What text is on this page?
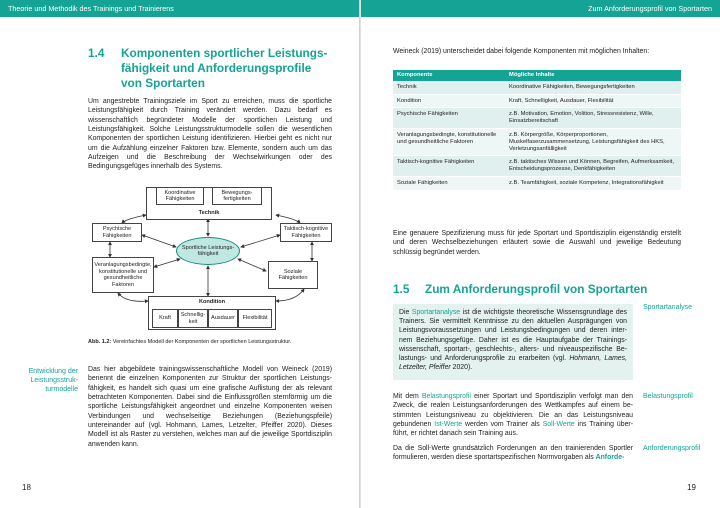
Theorie und Methodik des Trainings und Trainierens
1.4 Komponenten sportlicher Leistungsfähigkeit und Anforderungsprofile von Sportarten
Um angestrebte Trainingsziele im Sport zu erreichen, muss die sportliche Leistungsfähigkeit durch Training verändert werden. Dazu bedarf es wissenschaftlich begründeter Modelle der sportlichen Leistung und Leistungsfähigkeit. Solche Leistungsstrukturmodelle sollen die wesentlichen Komponenten der sportlichen Leistung identifizieren. Hierbei geht es nicht nur um die Aufzählung einzelner Faktoren bzw. Elemente, sondern auch um das Aufzeigen und die Beschreibung der Wechselwirkungen oder des Bedingungsgefüges innerhalb des Systems.
Koordinative Fähigkeiten
Bewegungsfertigkeiten
Technik
Psychische Fähigkeiten
Taktisch-kognitive Fähigkeiten
Sportliche Leistungsfähigkeit
Veranlagungsbedingte, konstitutionelle und gesundheitliche Faktoren
Soziale Fähigkeiten
Kondition
Kraft
Schnelligkeit
Ausdauer	Flexibilität
Abb. 1.2: Vereinfachtes Modell der Komponenten der sportlichen Leistungsstruktur.
Entwicklung der Leistungsstrukturmodelle
Das hier abgebildete trainingswissenschaftliche Modell von Weineck (2019) benennt die einzelnen Komponenten zur Struktur der sportlichen Leistungsfähigkeit, es handelt sich quasi um eine grafische Auflistung der als relevant betrachteten Komponenten. Dabei sind die Einflussgrößen sternförmig um die sportliche Leistungsfähigkeit angeordnet und einzelne Komponenten weisen Verbindungen und wechselseitige Beziehungen (Beziehungspfeile) untereinander auf (vgl. Hohmann, Lames, Letzelter, Pfeiffer 2020). Dieses Modell ist als Raster zu verstehen, welches man auf die jeweilige Sportdisziplin anwenden kann.
18
Zum Anforderungsprofil von Sportarten
Weineck (2019) unterscheidet dabei folgende Komponenten mit möglichen Inhalten:
Komponente	Mögliche Inhalte
Technik	Koordinative Fähigkeiten, Bewegungsfertigkeiten
Kondition	Kraft, Schnelligkeit, Ausdauer, Flexibilität
Psychische Fähigkeiten	z.B. Motivation, Emotion, Volition, Stressresistenz, Wille, Einsatzbereitschaft
Veranlagungsbedingte, konstitutionelle und gesundheitliche Faktoren	z.B. Körpergröße, Körperproportionen, Muskelfaserzusammensetzung, Leistungsfähigkeit des HKS, Verletzungsanfälligkeit
Taktisch-kognitive Fähigkeiten	z.B. taktisches Wissen und Können, Begreifen, Aufmerksamkeit, Entscheidungsprozesse, Denkfähigkeiten
Soziale Fähigkeiten	z.B. Teamfähigkeit, soziale Kompetenz, Integrationsfähigkeit
Eine genauere Spezifizierung muss für jede Sportart und Sportdisziplin eigenständig erstellt und deren Wechselbeziehungen erläutert sowie die Auswahl und jeweilige Bedeutung schlüssig begründet werden.
1.5 Zum Anforderungsprofil von Sportarten
Sportartanalyse
Die Sportartanalyse ist die wichtigste theoretische Wissensgrundlage des Trainers. Sie vermittelt Kenntnisse zu den aktuellen Ausprägungen von Leistungsvoraussetzungen und Leistungsbedingungen und deren internem Beziehungsgefüge. Daher ist es die Hauptaufgabe der Trainingswissenschaft, sportart-, geschlechts-, alters- und niveauspezifische Belastungs- und Anforderungsprofile zu erarbeiten (vgl. Hohmann, Lames, Letzelter, Pfeiffer 2020).
Belastungsprofil
Mit dem Belastungsprofil einer Sportart und Sportdisziplin verfolgt man den Zweck, die realen Leistungsanforderungen des Wettkampfes auf einem bestimmten Leistungsniveau zu objektivieren. Die an das Leistungsniveau gebundenen Ist-Werte werden vom Trainer als Soll-Werte ins Training überführt, er richtet danach sein Training aus.
Anforderungsprofil
Da die Soll-Werte grundsätzlich Forderungen an den trainierenden Sportler formulieren, werden diese sportartspezifischen Normvorgaben als Anforde-
19
